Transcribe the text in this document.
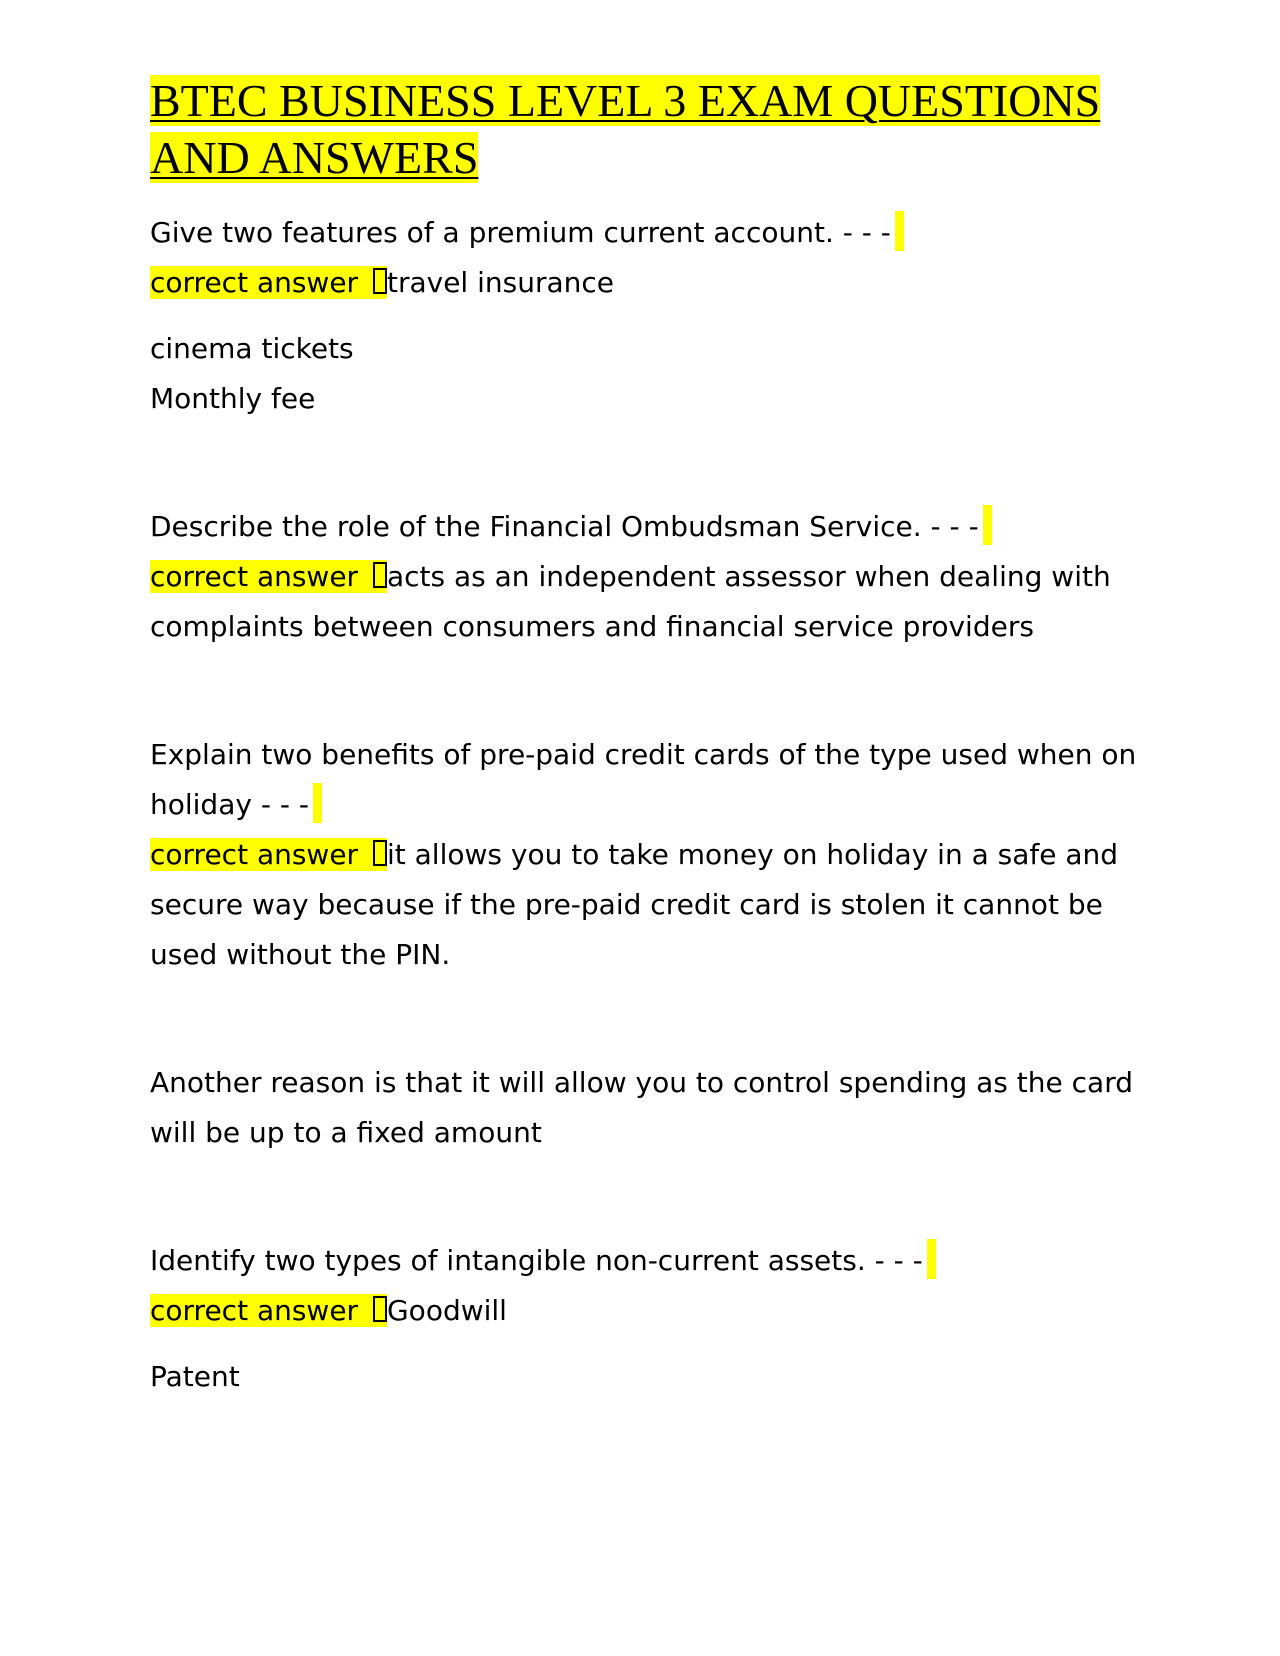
BTEC BUSINESS LEVEL 3 EXAM QUESTIONS AND ANSWERS

Give two features of a premium current account. - - -

correct answer travel insurance

cinema tickets

Monthly fee

Describe the role of the Financial Ombudsman Service. - - -

correct answer acts as an independent assessor when dealing with complaints between consumers and financial service providers

Explain two benefits of pre-paid credit cards of the type used when on holiday - - -

correct answer it allows you to take money on holiday in a safe and secure way because if the pre-paid credit card is stolen it cannot be used without the PIN.

Another reason is that it will allow you to control spending as the card will be up to a fixed amount

Identify two types of intangible non-current assets. - - -

correct answer Goodwill

Patent
